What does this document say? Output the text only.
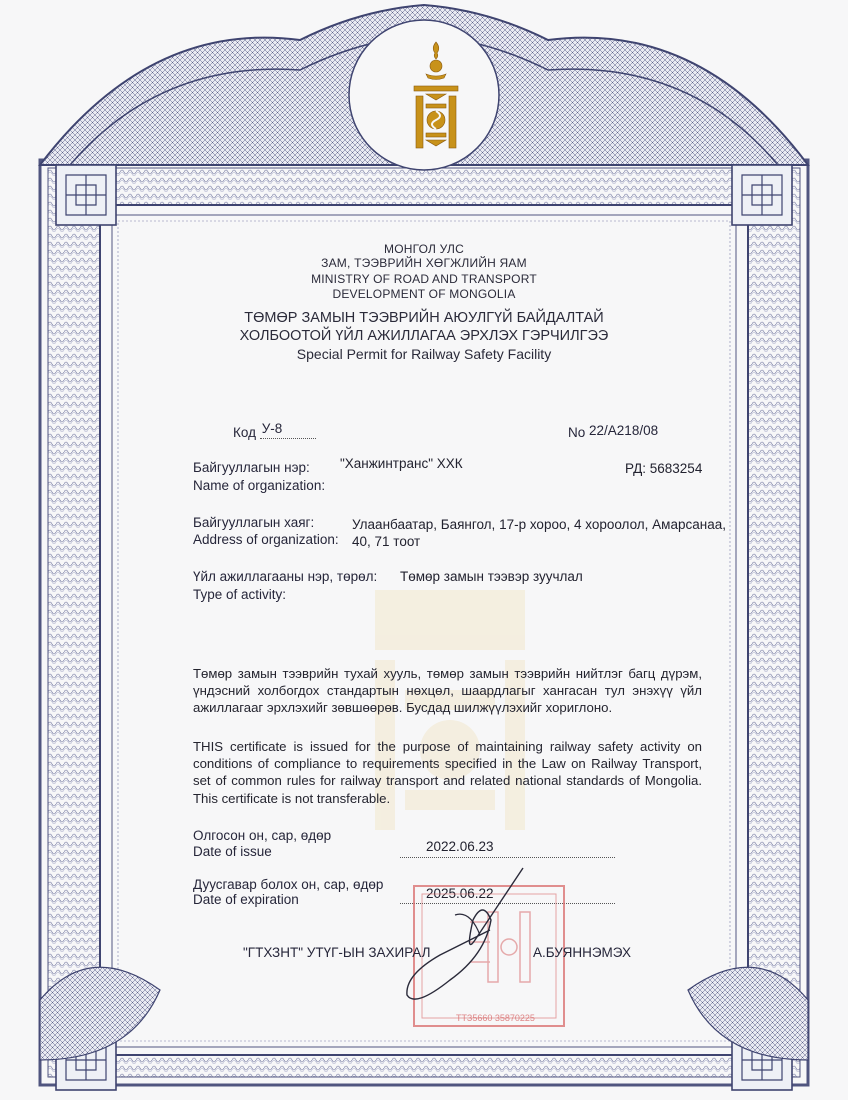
МОНГОЛ УЛС

ЗАМ, ТЭЭВРИЙН ХӨГЖЛИЙН ЯАМ

MINISTRY OF ROAD AND TRANSPORT

DEVELOPMENT OF MONGOLIA

ТӨМӨР ЗАМЫН ТЭЭВРИЙН АЮУЛГҮЙ БАЙДАЛТАЙ

ХОЛБООТОЙ ҮЙЛ АЖИЛЛАГАА ЭРХЛЭХ ГЭРЧИЛГЭЭ

Special Permit for Railway Safety Facility

Код У-8	No 22/А218/08

Байгууллагын нэр:

Name of organization:

"Ханжинтранс" ХХК	РД: 5683254

Байгууллагын хаяг:

Address of organization:

Улаанбаатар, Баянгол, 17-р хороо, 4 хороолол, Амарсанаа,

40, 71 тоот

Үйл ажиллагааны нэр, төрөл:

Type of activity:

Төмөр замын тээвэр зуучлал

Төмөр замын тээврийн тухай хууль, төмөр замын тээврийн нийтлэг багц дүрэм, үндэсний холбогдох стандартын нөхцөл, шаардлагыг хангасан тул энэхүү үйл ажиллагааг эрхлэхийг зөвшөөрөв. Бусдад шилжүүлэхийг хориглоно.

THIS certificate is issued for the purpose of maintaining railway safety activity on conditions of compliance to requirements specified in the Law on Railway Transport, set of common rules for railway transport and related national standards of Mongolia. This certificate is not transferable.

Олгосон он, сар, өдөр

Date of issue	2022.06.23

Дуусгавар болох он, сар, өдөр

Date of expiration	2025.06.22

ТТЗ5660 35870225

"ГТХЗНТ" УТҮГ-ЫН ЗАХИРАЛ	А.БУЯННЭМЭХ
